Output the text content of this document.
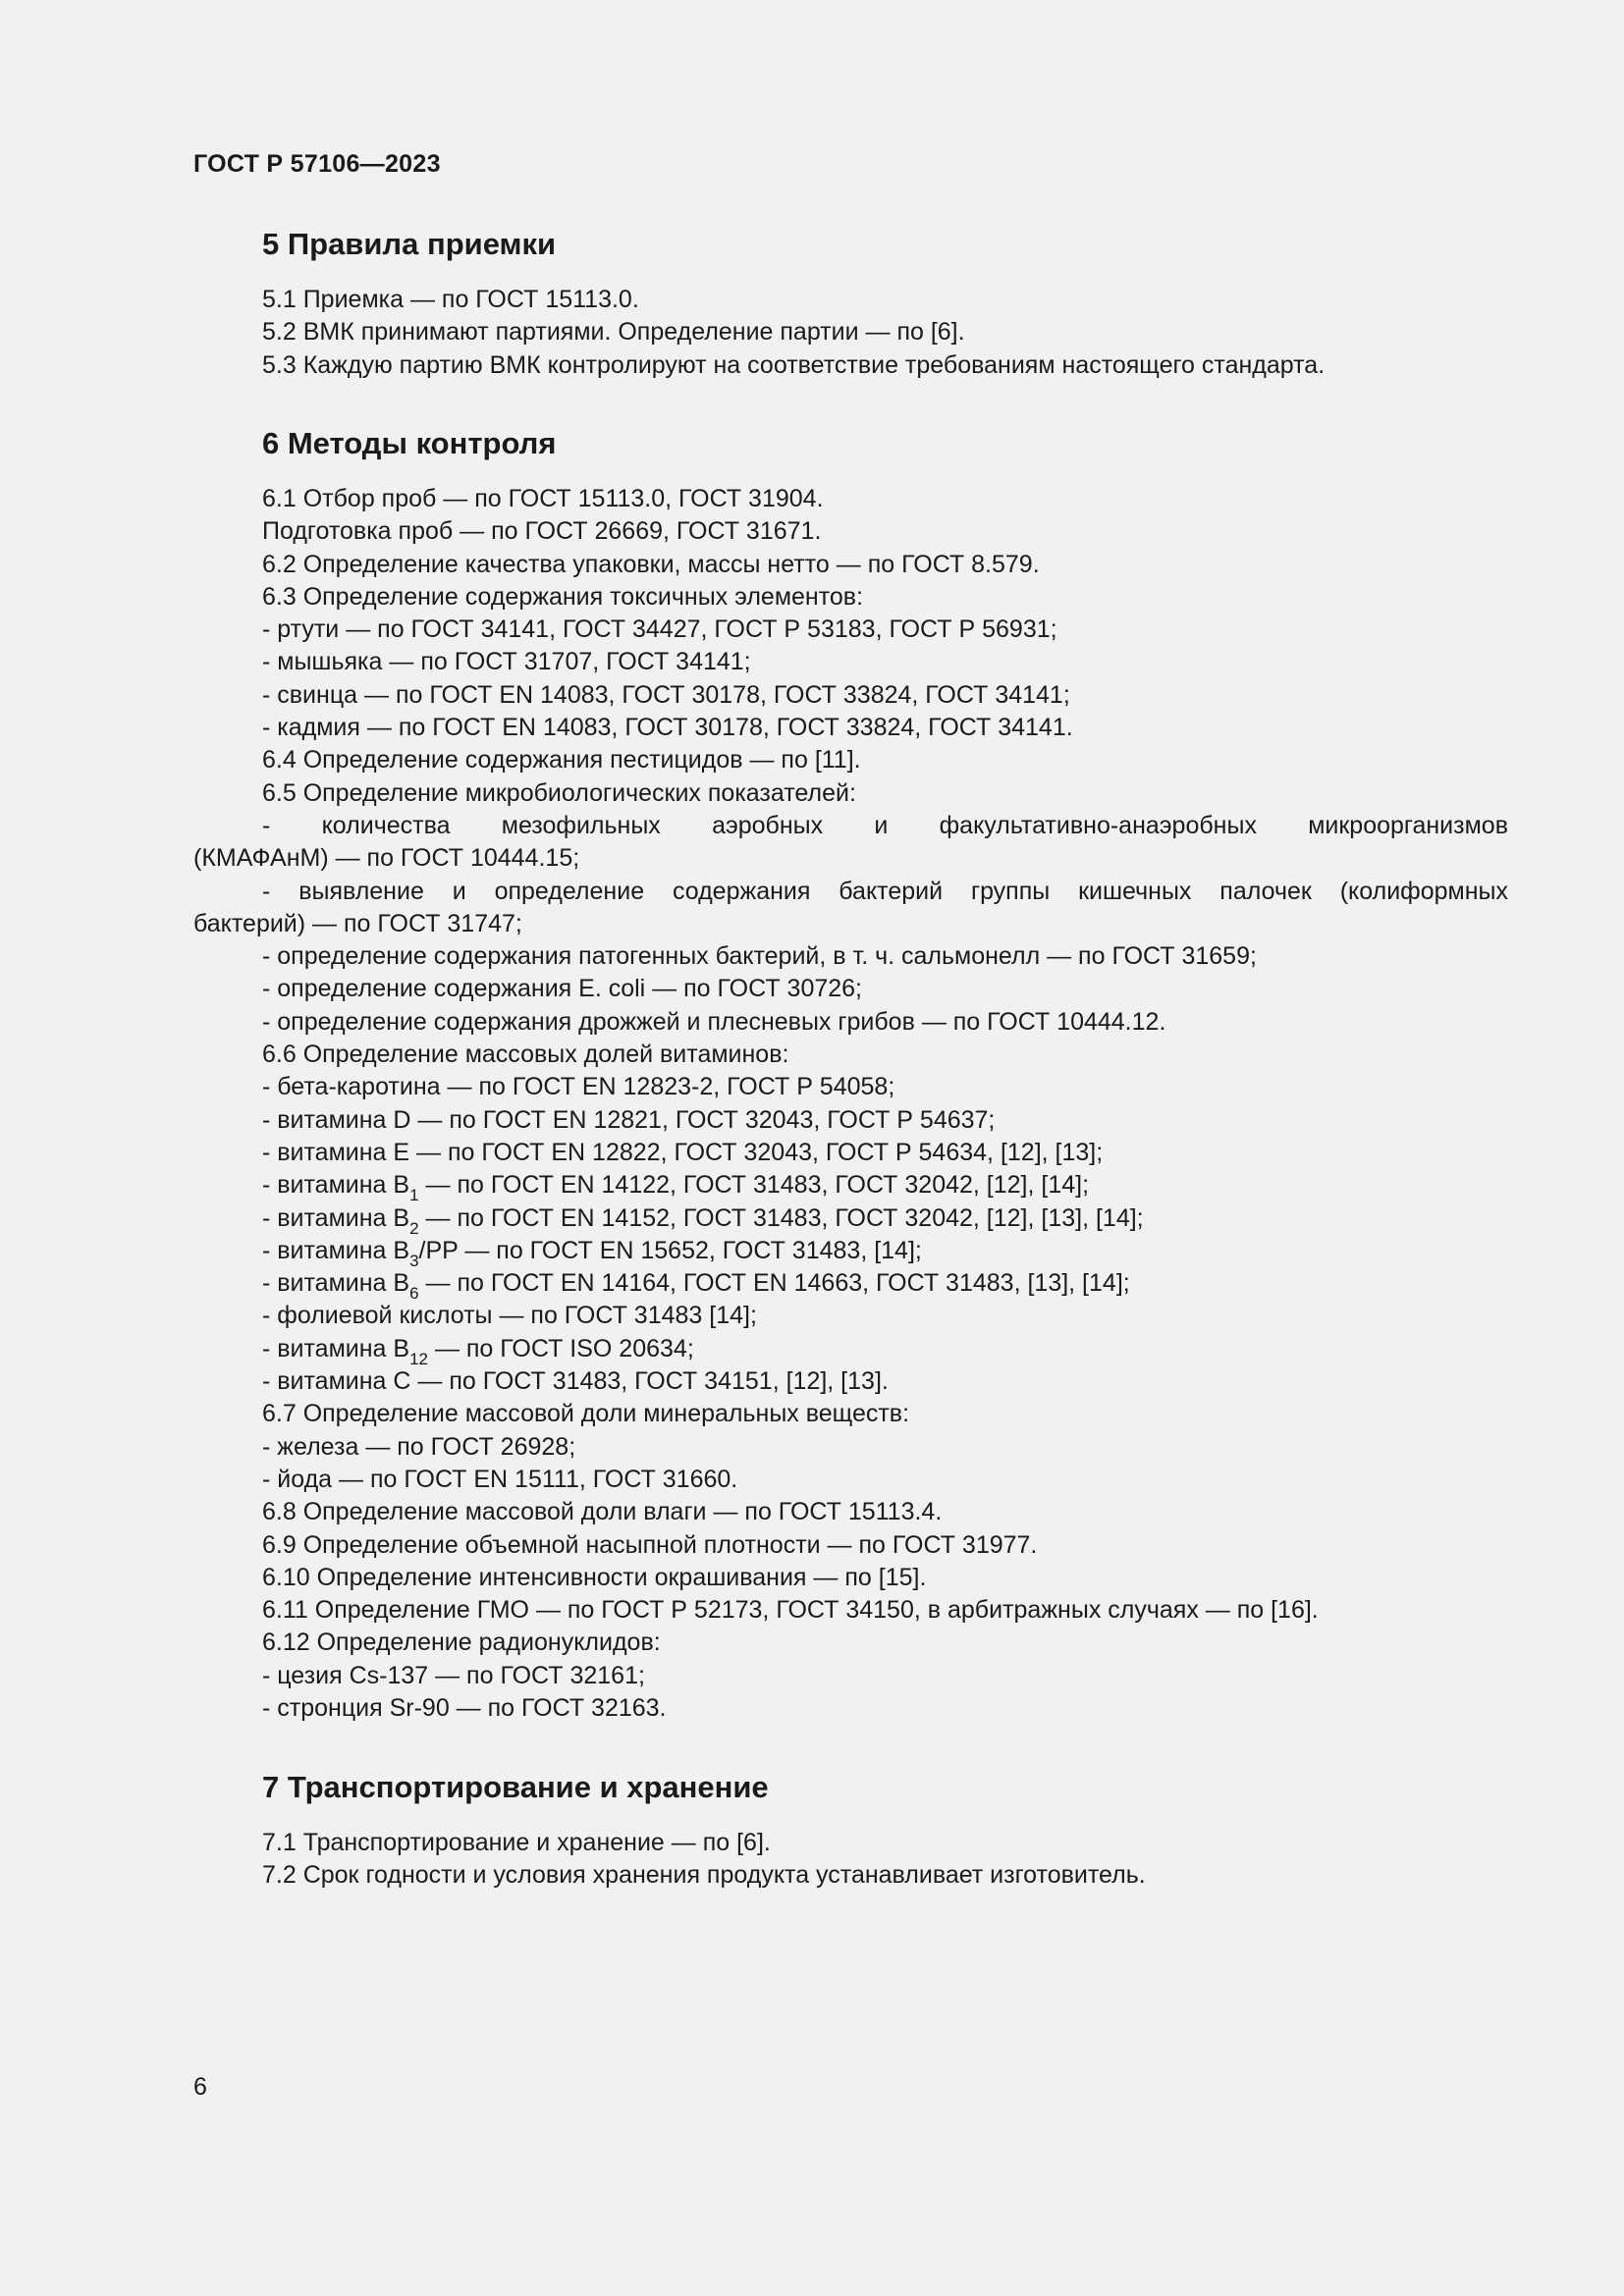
ГОСТ Р 57106—2023
5 Правила приемки
5.1 Приемка — по ГОСТ 15113.0.
5.2 ВМК принимают партиями. Определение партии — по [6].
5.3 Каждую партию ВМК контролируют на соответствие требованиям настоящего стандарта.
6 Методы контроля
6.1 Отбор проб — по ГОСТ 15113.0, ГОСТ 31904.
Подготовка проб — по ГОСТ 26669, ГОСТ 31671.
6.2 Определение качества упаковки, массы нетто — по ГОСТ 8.579.
6.3 Определение содержания токсичных элементов:
- ртути — по ГОСТ 34141, ГОСТ 34427, ГОСТ Р 53183, ГОСТ Р 56931;
- мышьяка — по ГОСТ 31707, ГОСТ 34141;
- свинца — по ГОСТ EN 14083, ГОСТ 30178, ГОСТ 33824, ГОСТ 34141;
- кадмия — по ГОСТ EN 14083, ГОСТ 30178, ГОСТ 33824, ГОСТ 34141.
6.4 Определение содержания пестицидов — по [11].
6.5 Определение микробиологических показателей:
- количества мезофильных аэробных и факультативно-анаэробных микроорганизмов
(КМАФАнМ) — по ГОСТ 10444.15;
- выявление и определение содержания бактерий группы кишечных палочек (колиформных
бактерий) — по ГОСТ 31747;
- определение содержания патогенных бактерий, в т. ч. сальмонелл — по ГОСТ 31659;
- определение содержания E. coli — по ГОСТ 30726;
- определение содержания дрожжей и плесневых грибов — по ГОСТ 10444.12.
6.6 Определение массовых долей витаминов:
- бета-каротина — по ГОСТ EN 12823-2, ГОСТ Р 54058;
- витамина D — по ГОСТ EN 12821, ГОСТ 32043, ГОСТ Р 54637;
- витамина E — по ГОСТ EN 12822, ГОСТ 32043, ГОСТ Р 54634, [12], [13];
- витамина $B_1$ — по ГОСТ EN 14122, ГОСТ 31483, ГОСТ 32042, [12], [14];
- витамина $B_2$ — по ГОСТ EN 14152, ГОСТ 31483, ГОСТ 32042, [12], [13], [14];
- витамина $B_3/PP$ — по ГОСТ EN 15652, ГОСТ 31483, [14];
- витамина $B_6$ — по ГОСТ EN 14164, ГОСТ EN 14663, ГОСТ 31483, [13], [14];
- фолиевой кислоты — по ГОСТ 31483 [14];
- витамина $B_{12}$ — по ГОСТ ISO 20634;
- витамина C — по ГОСТ 31483, ГОСТ 34151, [12], [13].
6.7 Определение массовой доли минеральных веществ:
- железа — по ГОСТ 26928;
- йода — по ГОСТ EN 15111, ГОСТ 31660.
6.8 Определение массовой доли влаги — по ГОСТ 15113.4.
6.9 Определение объемной насыпной плотности — по ГОСТ 31977.
6.10 Определение интенсивности окрашивания — по [15].
6.11 Определение ГМО — по ГОСТ Р 52173, ГОСТ 34150, в арбитражных случаях — по [16].
6.12 Определение радионуклидов:
- цезия Cs-137 — по ГОСТ 32161;
- стронция Sr-90 — по ГОСТ 32163.
7 Транспортирование и хранение
7.1 Транспортирование и хранение — по [6].
7.2 Срок годности и условия хранения продукта устанавливает изготовитель.
6
